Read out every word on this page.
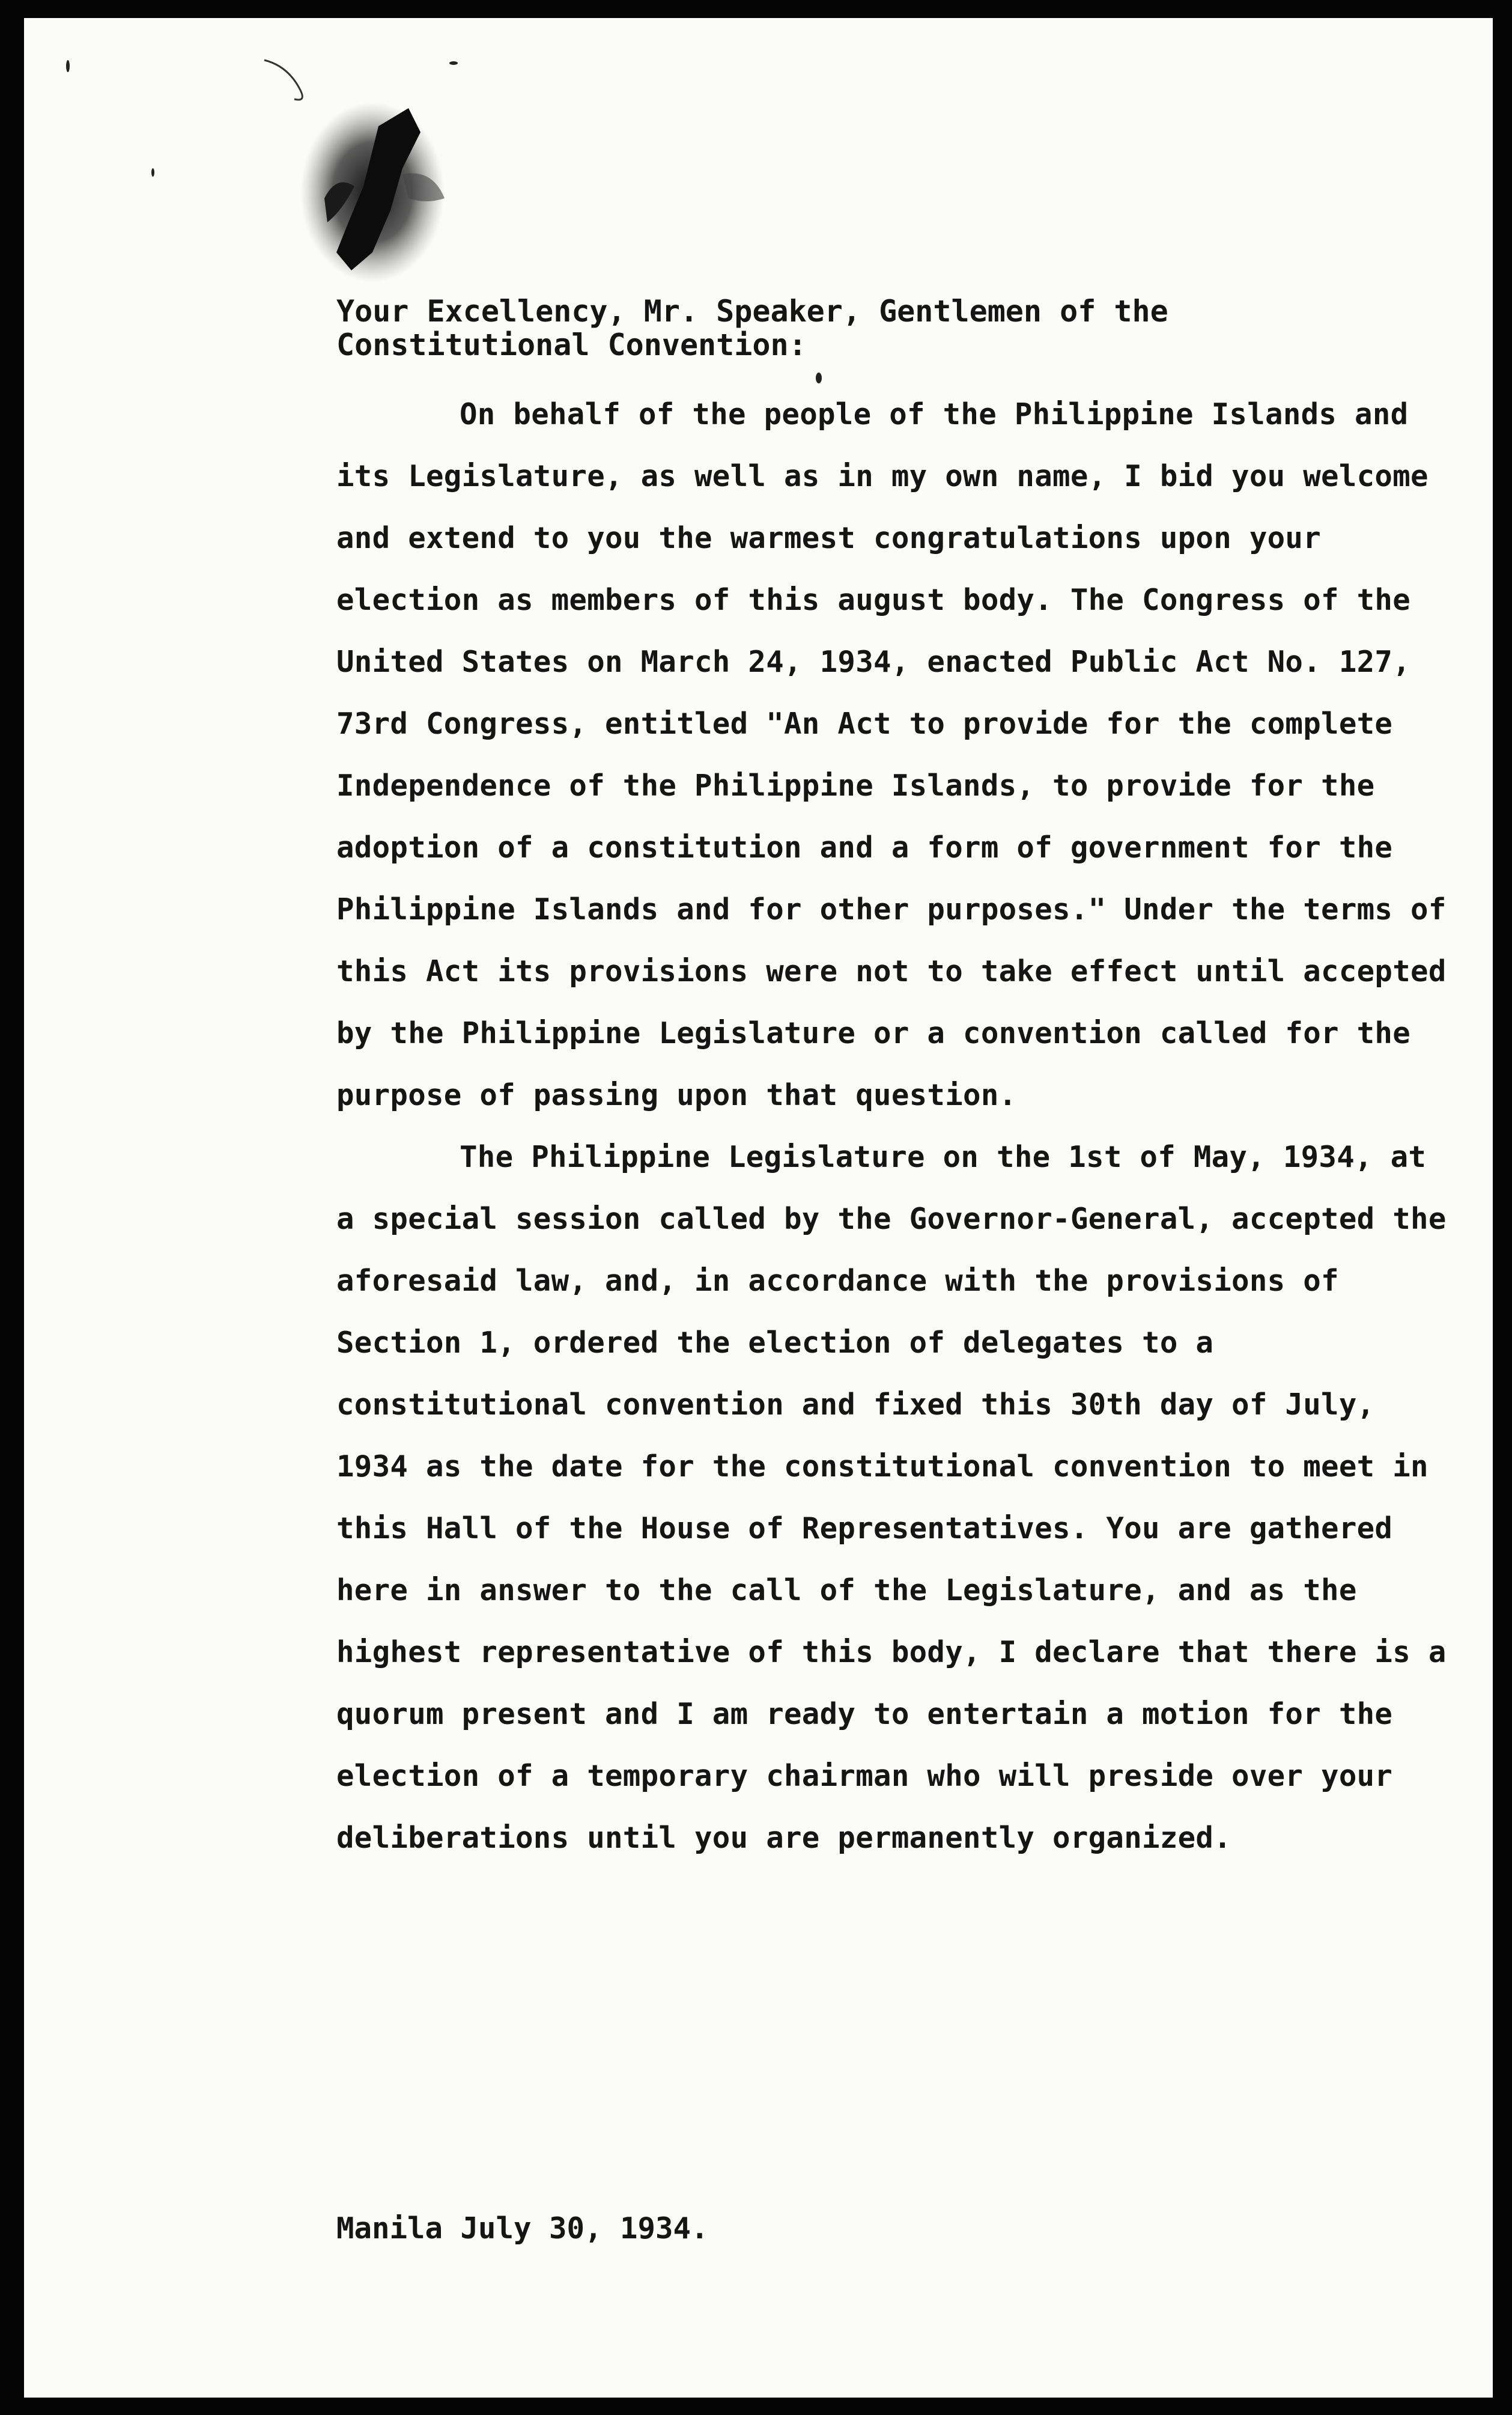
Your Excellency, Mr. Speaker, Gentlemen of the
Constitutional Convention:

On behalf of the people of the Philippine Islands and its Legislature, as well as in my own name, I bid you welcome and extend to you the warmest congratulations upon your election as members of this august body. The Congress of the United States on March 24, 1934, enacted Public Act No. 127, 73rd Congress, entitled "An Act to provide for the complete Independence of the Philippine Islands, to provide for the adoption of a constitution and a form of government for the Philippine Islands and for other purposes." Under the terms of this Act its provisions were not to take effect until accepted by the Philippine Legislature or a convention called for the purpose of passing upon that question.

The Philippine Legislature on the 1st of May, 1934, at a special session called by the Governor-General, accepted the aforesaid law, and, in accordance with the provisions of Section 1, ordered the election of delegates to a constitutional convention and fixed this 30th day of July, 1934 as the date for the constitutional convention to meet in this Hall of the House of Representatives. You are gathered here in answer to the call of the Legislature, and as the highest representative of this body, I declare that there is a quorum present and I am ready to entertain a motion for the election of a temporary chairman who will preside over your deliberations until you are permanently organized.

Manila July 30, 1934.
